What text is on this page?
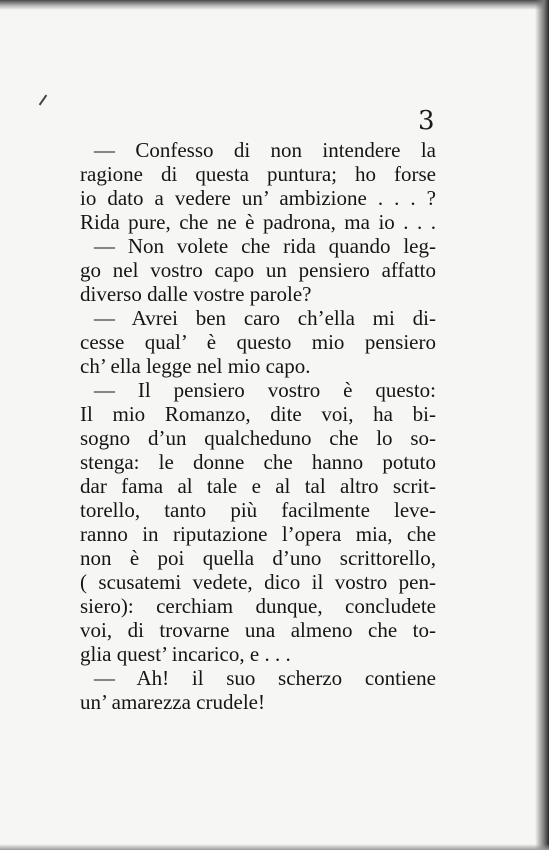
3

— Confesso di non intendere la
ragione di questa puntura; ho forse
io dato a vedere un’ ambizione . . . ?
Rida pure, che ne è padrona, ma io . . .
— Non volete che rida quando leg-
go nel vostro capo un pensiero affatto
diverso dalle vostre parole?
— Avrei ben caro ch’ella mi di-
cesse qual’ è questo mio pensiero
ch’ ella legge nel mio capo.
— Il pensiero vostro è questo:
Il mio Romanzo, dite voi, ha bi-
sogno d’un qualcheduno che lo so-
stenga: le donne che hanno potuto
dar fama al tale e al tal altro scrit-
torello, tanto più facilmente leve-
ranno in riputazione l’opera mia, che
non è poi quella d’uno scrittorello,
( scusatemi vedete, dico il vostro pen-
siero): cerchiam dunque, concludete
voi, di trovarne una almeno che to-
glia quest’ incarico, e . . .
— Ah! il suo scherzo contiene
un’ amarezza crudele!
